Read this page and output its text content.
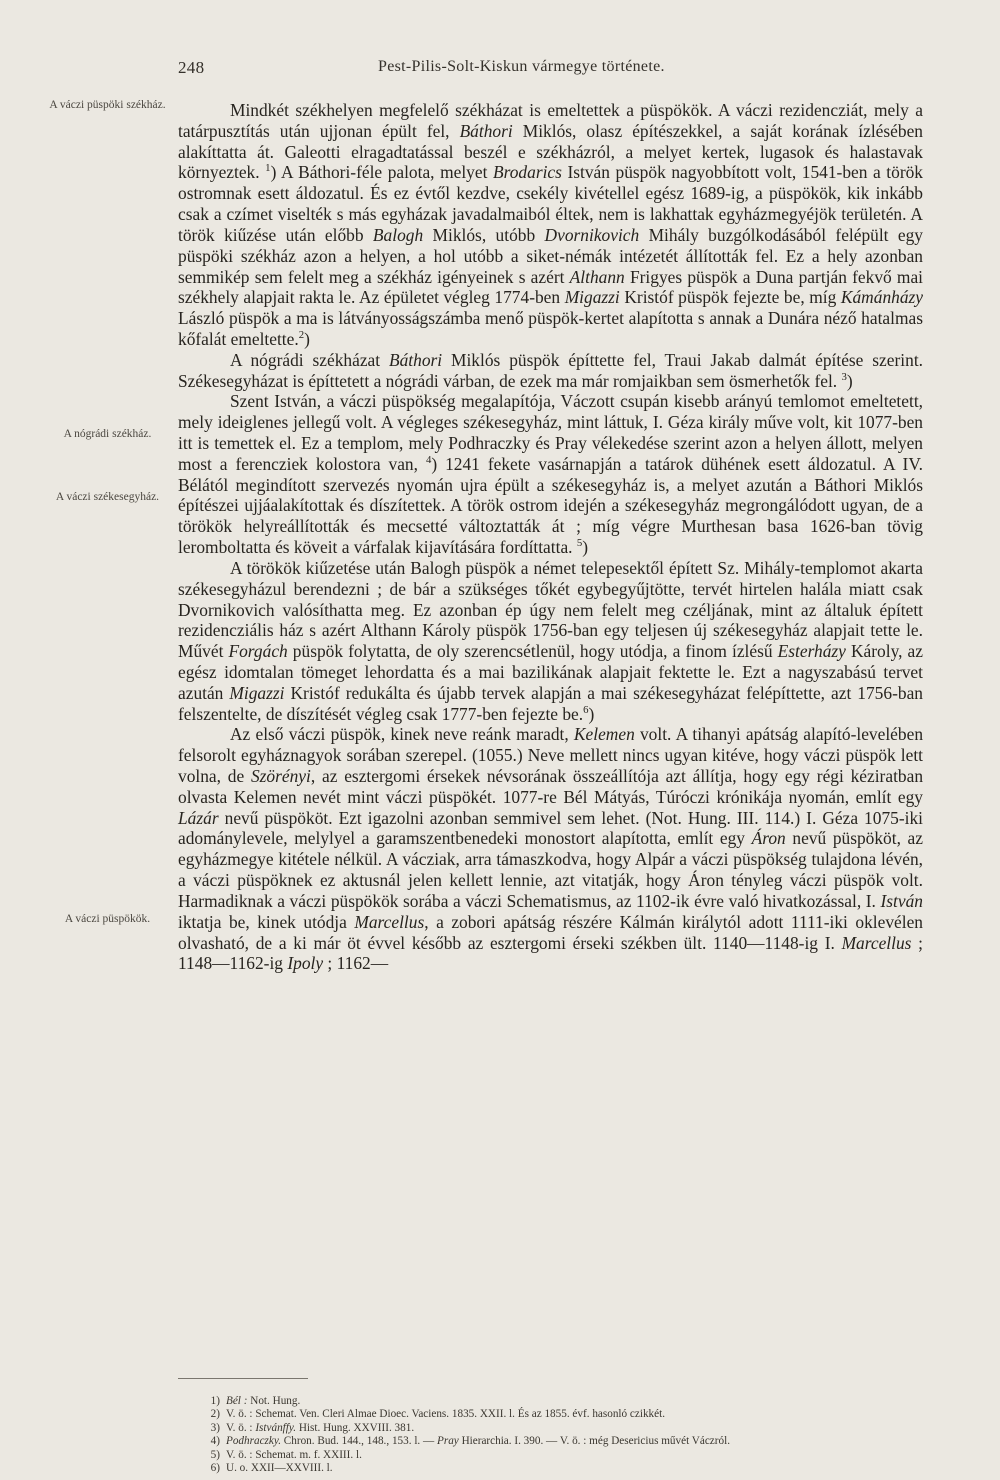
248	Pest-Pilis-Solt-Kiskun vármegye története.
A váczi püspöki székház.
A nógrádi székház.
A váczi székesegyház.
A váczi püspökök.

Mindkét székhelyen megfelelő székházat is emeltettek a püspökök. A váczi rezidencziát, mely a tatárpusztítás után ujjonan épült fel, Báthori Miklós, olasz építészekkel, a saját korának ízlésében alakíttatta át. Galeotti elragadtatással beszél e székházról, a melyet kertek, lugasok és halastavak környeztek. $^1$) A Báthori-féle palota, melyet Brodarics István püspök nagyobbított volt, 1541-ben a török ostromnak esett áldozatul. És ez évtől kezdve, csekély kivétellel egész 1689-ig, a püspökök, kik inkább csak a czímet viselték s más egyházak javadalmaiból éltek, nem is lakhattak egyházmegyéjök területén. A török kiűzése után előbb Balogh Miklós, utóbb Dvornikovich Mihály buzgólkodásából felépült egy püspöki székház azon a helyen, a hol utóbb a siket-némák intézetét állították fel. Ez a hely azonban semmikép sem felelt meg a székház igényeinek s azért Althann Frigyes püspök a Duna partján fekvő mai székhely alapjait rakta le. Az épületet végleg 1774-ben Migazzi Kristóf püspök fejezte be, míg Kámánházy László püspök a ma is látványosságszámba menő püspök-kertet alapította s annak a Dunára néző hatalmas kőfalát emeltette.$^2$)

A nógrádi székházat Báthori Miklós püspök építtette fel, Traui Jakab dalmát építése szerint. Székesegyházat is építtetett a nógrádi várban, de ezek ma már romjaikban sem ösmerhetők fel. $^3$)

Szent István, a váczi püspökség megalapítója, Váczott csupán kisebb arányú temlomot emeltetett, mely ideiglenes jellegű volt. A végleges székesegyház, mint láttuk, I. Géza király műve volt, kit 1077-ben itt is temettek el. Ez a templom, mely Podhraczky és Pray vélekedése szerint azon a helyen állott, melyen most a ferencziek kolostora van, $^4$) 1241 fekete vasárnapján a tatárok dühének esett áldozatul. A IV. Bélától megindított szervezés nyomán ujra épült a székesegyház is, a melyet azután a Báthori Miklós építészei ujjáalakítottak és díszítettek. A török ostrom idején a székesegyház megrongálódott ugyan, de a törökök helyreállították és mecsetté változtatták át ; míg végre Murthesan basa 1626-ban tövig leromboltatta és köveit a várfalak kijavítására fordíttatta. $^5$)

A törökök kiűzetése után Balogh püspök a német telepesektől épített Sz. Mihály-templomot akarta székesegyházul berendezni ; de bár a szükséges tőkét egybegyűjtötte, tervét hirtelen halála miatt csak Dvornikovich valósíthatta meg. Ez azonban ép úgy nem felelt meg czéljának, mint az általuk épített rezidencziális ház s azért Althann Károly püspök 1756-ban egy teljesen új székesegyház alapjait tette le. Művét Forgách püspök folytatta, de oly szerencsétlenül, hogy utódja, a finom ízlésű Esterházy Károly, az egész idomtalan tömeget lehordatta és a mai bazilikának alapjait fektette le. Ezt a nagyszabású tervet azután Migazzi Kristóf redukálta és újabb tervek alapján a mai székesegyházat felépíttette, azt 1756-ban felszentelte, de díszítését végleg csak 1777-ben fejezte be.$^6$)

Az első váczi püspök, kinek neve reánk maradt, Kelemen volt. A tihanyi apátság alapító-levelében felsorolt egyháznagyok sorában szerepel. (1055.) Neve mellett nincs ugyan kitéve, hogy váczi püspök lett volna, de Szörényi, az esztergomi érsekek névsorának összeállítója azt állítja, hogy egy régi kéziratban olvasta Kelemen nevét mint váczi püspökét. 1077-re Bél Mátyás, Túróczi krónikája nyomán, említ egy Lázár nevű püspököt. Ezt igazolni azonban semmivel sem lehet. (Not. Hung. III. 114.) I. Géza 1075-iki adománylevele, melylyel a garamszentbenedeki monostort alapította, említ egy Áron nevű püspököt, az egyházmegye kitétele nélkül. A vácziak, arra támaszkodva, hogy Alpár a váczi püspökség tulajdona lévén, a váczi püspöknek ez aktusnál jelen kellett lennie, azt vitatják, hogy Áron tényleg váczi püspök volt. Harmadiknak a váczi püspökök sorába a váczi Schematismus, az 1102-ik évre való hivatkozással, I. István iktatja be, kinek utódja Marcellus, a zobori apátság részére Kálmán királytól adott 1111-iki oklevélen olvasható, de a ki már öt évvel később az esztergomi érseki székben ült. 1140—1148-ig I. Marcellus ; 1148—1162-ig Ipoly ; 1162—

1) Bél : Not. Hung.

2) V. ö. : Schemat. Ven. Cleri Almae Dioec. Vaciens. 1835. XXII. l. És az 1855. évf. hasonló czikkét.

3) V. ö. : Istvánffy. Hist. Hung. XXVIII. 381.

4) Podhraczky. Chron. Bud. 144., 148., 153. l. — Pray Hierarchia. I. 390. — V. ö. : még Desericius művét Váczról.

5) V. ö. : Schemat. m. f. XXIII. l.

6) U. o. XXII—XXVIII. l.
